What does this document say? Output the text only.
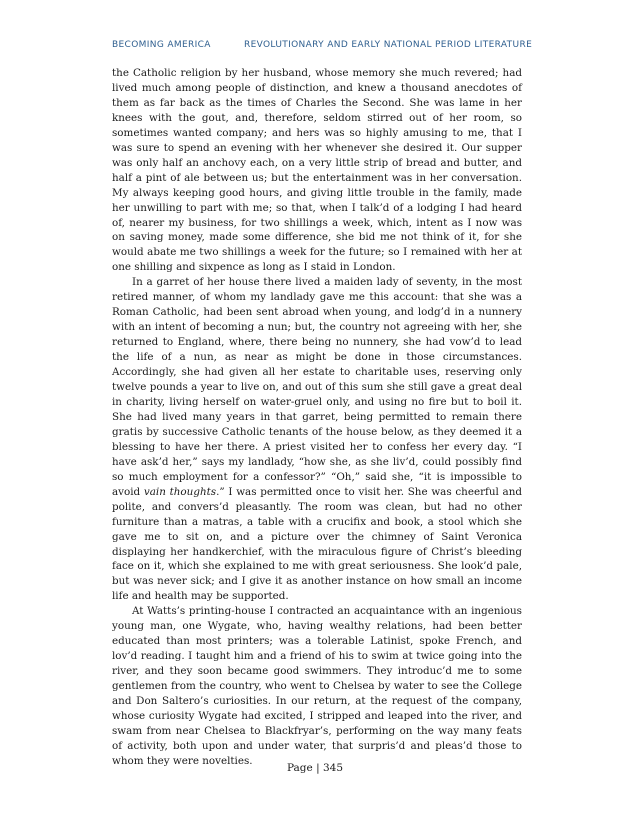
BECOMING AMERICA	REVOLUTIONARY AND EARLY NATIONAL PERIOD LITERATURE

the Catholic religion by her husband, whose memory she much revered; had lived much among people of distinction, and knew a thousand anecdotes of them as far back as the times of Charles the Second. She was lame in her knees with the gout, and, therefore, seldom stirred out of her room, so sometimes wanted company; and hers was so highly amusing to me, that I was sure to spend an evening with her whenever she desired it. Our supper was only half an anchovy each, on a very little strip of bread and butter, and half a pint of ale between us; but the entertainment was in her conversation. My always keeping good hours, and giving little trouble in the family, made her unwilling to part with me; so that, when I talk’d of a lodging I had heard of, nearer my business, for two shillings a week, which, intent as I now was on saving money, made some difference, she bid me not think of it, for she would abate me two shillings a week for the future; so I remained with her at one shilling and sixpence as long as I staid in London.

In a garret of her house there lived a maiden lady of seventy, in the most retired manner, of whom my landlady gave me this account: that she was a Roman Catholic, had been sent abroad when young, and lodg’d in a nunnery with an intent of becoming a nun; but, the country not agreeing with her, she returned to England, where, there being no nunnery, she had vow’d to lead the life of a nun, as near as might be done in those circumstances. Accordingly, she had given all her estate to charitable uses, reserving only twelve pounds a year to live on, and out of this sum she still gave a great deal in charity, living herself on water-gruel only, and using no fire but to boil it. She had lived many years in that garret, being permitted to remain there gratis by successive Catholic tenants of the house below, as they deemed it a blessing to have her there. A priest visited her to confess her every day. “I have ask’d her,” says my landlady, “how she, as she liv’d, could possibly find so much employment for a confessor?” “Oh,” said she, “it is impossible to avoid vain thoughts.” I was permitted once to visit her. She was cheerful and polite, and convers’d pleasantly. The room was clean, but had no other furniture than a matras, a table with a crucifix and book, a stool which she gave me to sit on, and a picture over the chimney of Saint Veronica displaying her handkerchief, with the miraculous figure of Christ’s bleeding face on it, which she explained to me with great seriousness. She look’d pale, but was never sick; and I give it as another instance on how small an income life and health may be supported.

At Watts’s printing-house I contracted an acquaintance with an ingenious young man, one Wygate, who, having wealthy relations, had been better educated than most printers; was a tolerable Latinist, spoke French, and lov’d reading. I taught him and a friend of his to swim at twice going into the river, and they soon became good swimmers. They introduc’d me to some gentlemen from the country, who went to Chelsea by water to see the College and Don Saltero’s curiosities. In our return, at the request of the company, whose curiosity Wygate had excited, I stripped and leaped into the river, and swam from near Chelsea to Blackfryar’s, performing on the way many feats of activity, both upon and under water, that surpris’d and pleas’d those to whom they were novelties.

Page | 345
